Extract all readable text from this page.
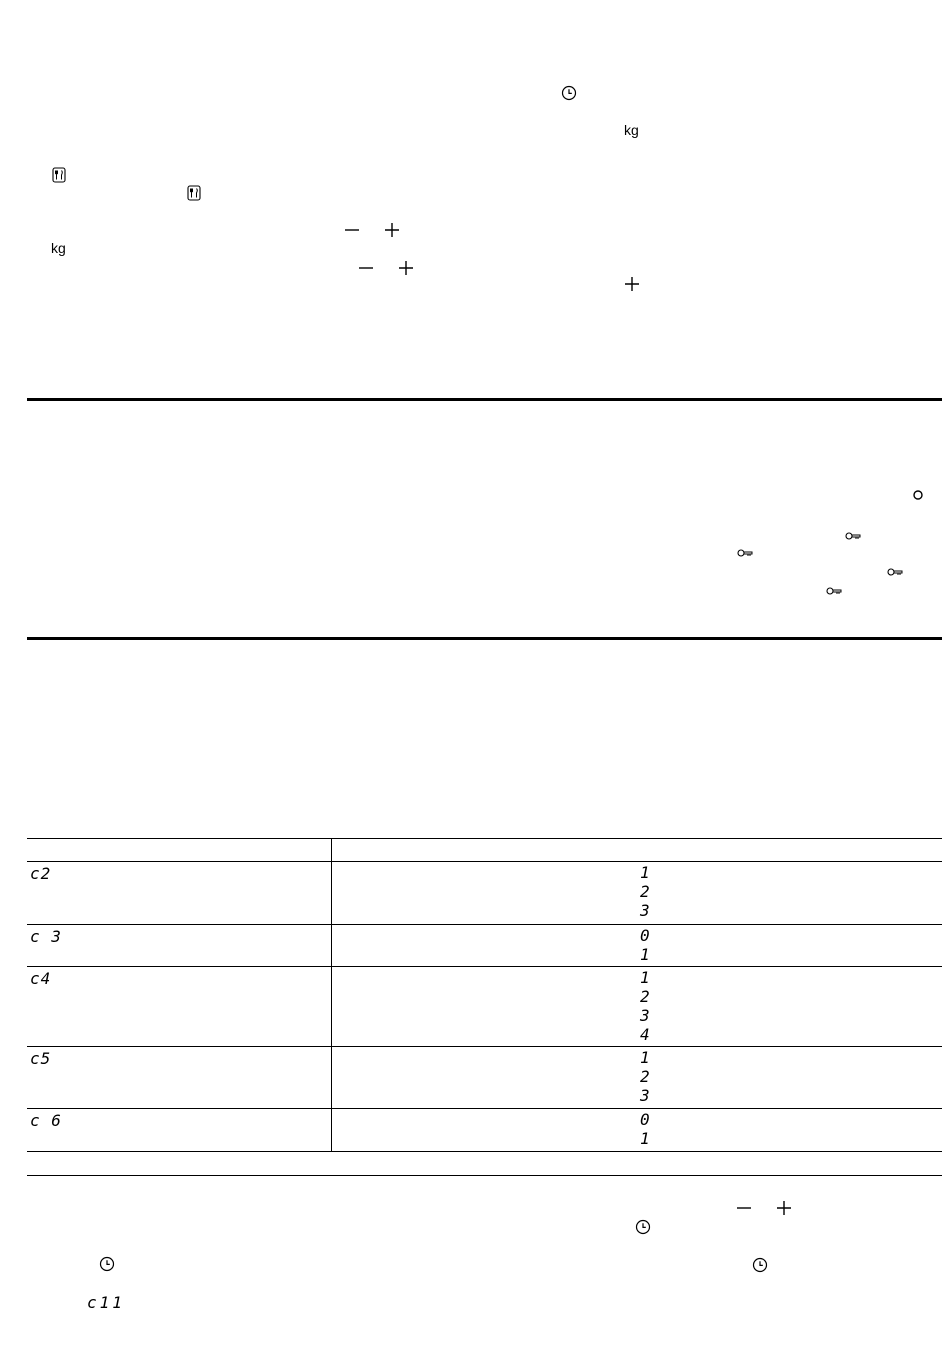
kg
kg
c2	1
2
3
c 3	0
1
c4	1
2
3
4
c5	1
2
3
c 6	0
1
c11
